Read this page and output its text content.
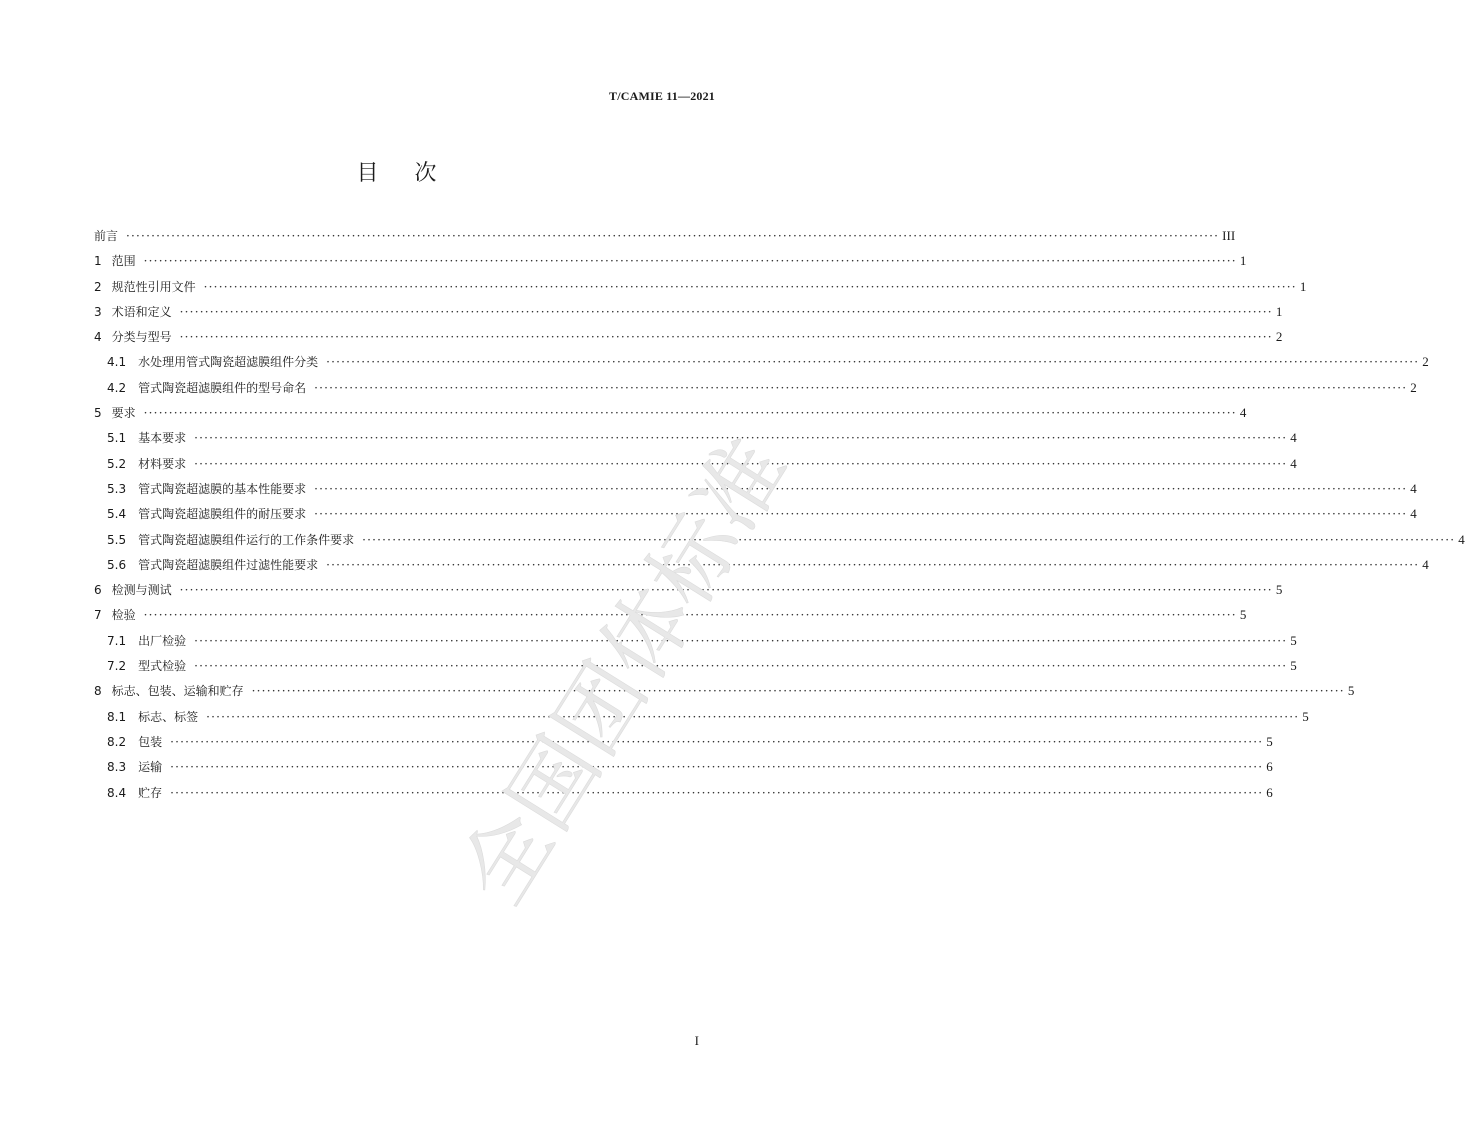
T/CAMIE 11—2021
目次
前言 ·····	III
1 范围 ·····	1
2 规范性引用文件 ·····	1
3 术语和定义 ·····	1
4 分类与型号 ·····	2
4.1 水处理用管式陶瓷超滤膜组件分类 ·····	2
4.2 管式陶瓷超滤膜组件的型号命名 ·····	2
5 要求 ·····	4
5.1 基本要求 ·····	4
5.2 材料要求 ·····	4
5.3 管式陶瓷超滤膜的基本性能要求 ·····	4
5.4 管式陶瓷超滤膜组件的耐压要求 ·····	4
5.5 管式陶瓷超滤膜组件运行的工作条件要求 ·····	4
5.6 管式陶瓷超滤膜组件过滤性能要求 ·····	4
6 检测与测试 ·····	5
7 检验 ·····	5
7.1 出厂检验 ·····	5
7.2 型式检验 ·····	5
8 标志、包装、运输和贮存 ·····	5
8.1 标志、标签 ·····	5
8.2 包装 ·····	5
8.3 运输 ·····	6
8.4 贮存 ·····	6
I
全国团体标准
